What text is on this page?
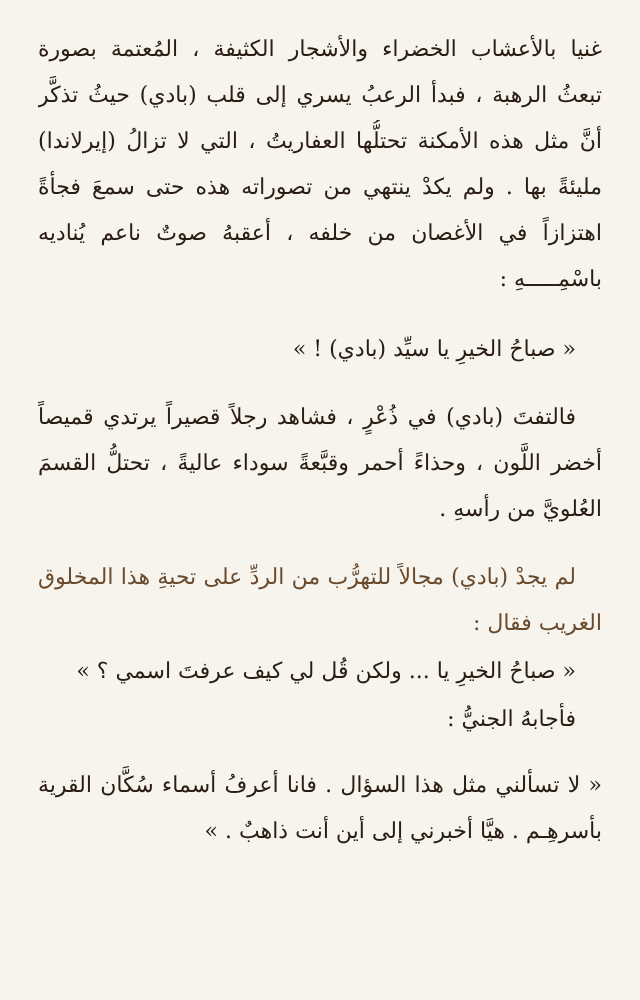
غنيا بالأعشاب الخضراء والأشجار الكثيفة ، المُعتمة بصورة
تبعثُ الرهبة ، فبدأ الرعبُ يسري إلى قلب (بادي) حيثُ تذكَّر
أنَّ مثل هذه الأمكنة تحتلُّها العفاريتُ ، التي لا تزالُ (إيرلاندا)
مليئةً بها . ولم يكدْ ينتهي من تصوراته هذه حتى سمعَ فجأةً
اهتزازاً في الأغصان من خلفه ، أعقبهُ صوتٌ ناعم يُناديه
باسْمِـــــهِ :
« صباحُ الخيرِ يا سيِّد (بادي) ! »
فالتفتَ (بادي) في ذُعْرٍ ، فشاهد رجلاً قصيراً يرتدي قميصاً
أخضر اللَّون ، وحذاءً أحمر وقبَّعةً سوداء عاليةً ، تحتلُّ القسمَ
العُلويَّ من رأسهِ .
لم يجدْ (بادي) مجالاً للتهرُّب من الردِّ على تحيةِ هذا المخلوق
الغريب فقال :
« صباحُ الخيرِ يا ... ولكن قُل لي كيف عرفتَ اسمي ؟ »
فأجابهُ الجنيُّ :
« لا تسألني مثل هذا السؤال . فانا أعرفُ أسماء سُكَّان القرية
بأسرهِـم . هيَّا أخبرني إلى أين أنت ذاهبٌ . »
